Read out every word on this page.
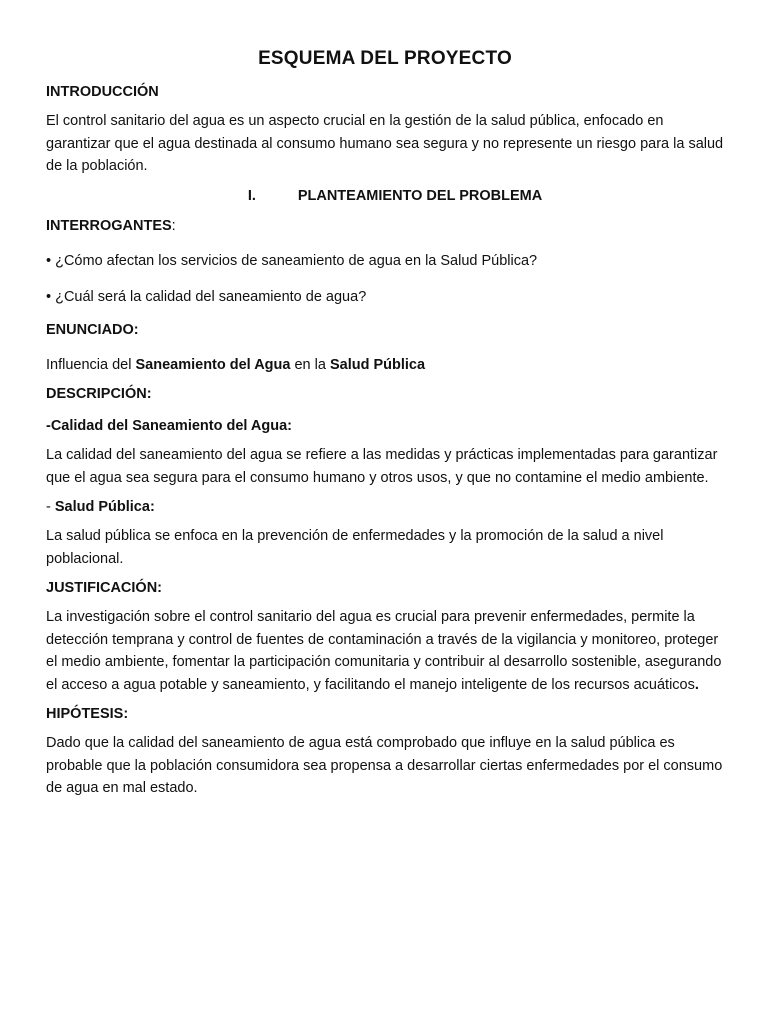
ESQUEMA DEL PROYECTO
INTRODUCCIÓN

El control sanitario del agua es un aspecto crucial en la gestión de la salud pública, enfocado en garantizar que el agua destinada al consumo humano sea segura y no represente un riesgo para la salud de la población.

I.	PLANTEAMIENTO DEL PROBLEMA
INTERROGANTES:
• ¿Cómo afectan los servicios de saneamiento de agua en la Salud Pública?
• ¿Cuál será la calidad del saneamiento de agua?
ENUNCIADO:

Influencia del Saneamiento del Agua en la Salud Pública

DESCRIPCIÓN:
-Calidad del Saneamiento del Agua:

La calidad del saneamiento del agua se refiere a las medidas y prácticas implementadas para garantizar que el agua sea segura para el consumo humano y otros usos, y que no contamine el medio ambiente.

- Salud Pública:

La salud pública se enfoca en la prevención de enfermedades y la promoción de la salud a nivel poblacional.

JUSTIFICACIÓN:

La investigación sobre el control sanitario del agua es crucial para prevenir enfermedades, permite la detección temprana y control de fuentes de contaminación a través de la vigilancia y monitoreo, proteger el medio ambiente, fomentar la participación comunitaria y contribuir al desarrollo sostenible, asegurando el acceso a agua potable y saneamiento, y facilitando el manejo inteligente de los recursos acuáticos.

HIPÓTESIS:

Dado que la calidad del saneamiento de agua está comprobado que influye en la salud pública es probable que la población consumidora sea propensa a desarrollar ciertas enfermedades por el consumo de agua en mal estado.
